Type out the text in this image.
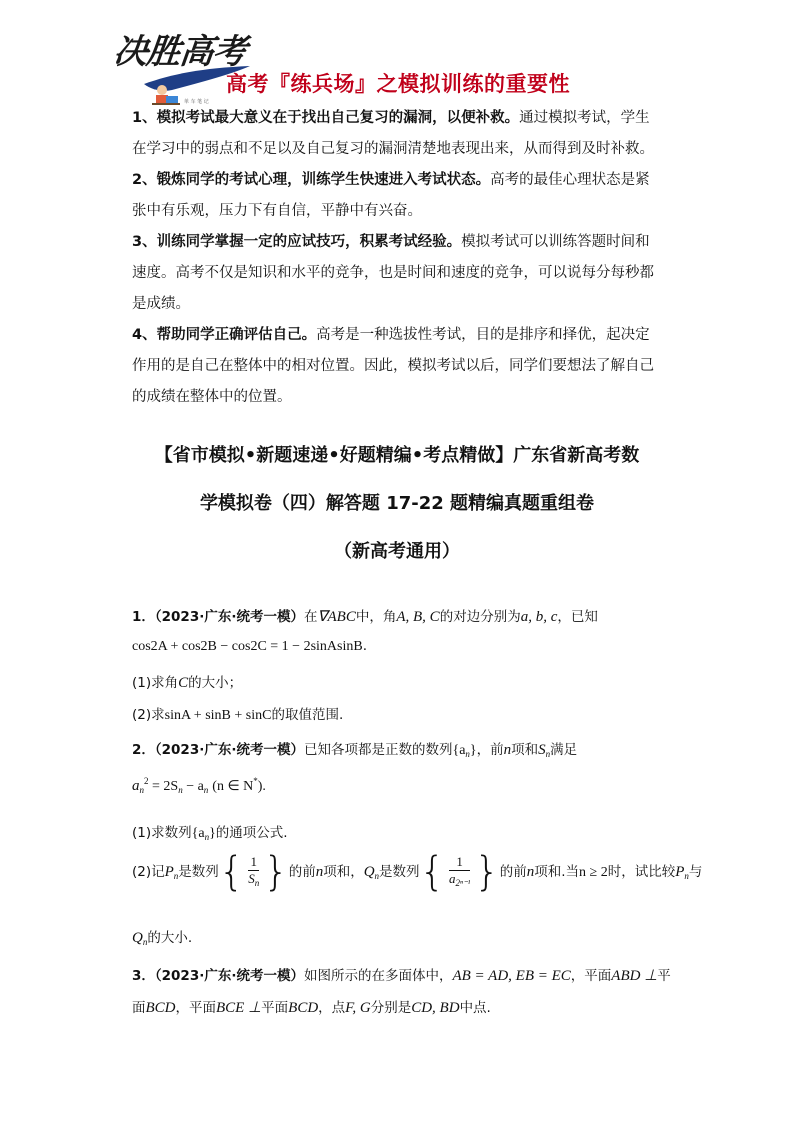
决胜高考
单 车 笔 记
高考『练兵场』之模拟训练的重要性

1、模拟考试最大意义在于找出自己复习的漏洞，以便补救。通过模拟考试，学生

在学习中的弱点和不足以及自己复习的漏洞清楚地表现出来，从而得到及时补救。

2、锻炼同学的考试心理，训练学生快速进入考试状态。高考的最佳心理状态是紧

张中有乐观，压力下有自信，平静中有兴奋。

3、训练同学掌握一定的应试技巧，积累考试经验。模拟考试可以训练答题时间和

速度。高考不仅是知识和水平的竞争，也是时间和速度的竞争，可以说每分每秒都

是成绩。

4、帮助同学正确评估自己。高考是一种选拔性考试，目的是排序和择优，起决定

作用的是自己在整体中的相对位置。因此，模拟考试以后，同学们要想法了解自己

的成绩在整体中的位置。

【省市模拟•新题速递•好题精编•考点精做】广东省新高考数
学模拟卷（四）解答题 17-22 题精编真题重组卷
（新高考通用）
1．（2023·广东·统考一模）在∇ABC中，角A, B, C的对边分别为a, b, c，已知
cos2A + cos2B − cos2C = 1 − 2sinAsinB.
(1)求角C的大小；
(2)求sinA + sinB + sinC的取值范围.
2．（2023·广东·统考一模）已知各项都是正数的数列$\{a_n\}$，前n项和$S_n$满足
$a_n^2 = 2S_n - a_n$ (n ∈ N*).
(1)求数列$\{a_n\}$的通项公式.
(2)记$P_n$是数列{ $\frac{1}{S_n}$ }的前n项和，$Q_n$是数列{ $\frac{1}{a_{2^{n-1}}}$ }的前n项和.当n ≥ 2时，试比较$P_n$与
$Q_n$的大小.
3．（2023·广东·统考一模）如图所示的在多面体中，AB = AD, EB = EC，平面ABD ⊥平
面BCD，平面BCE ⊥平面BCD，点F, G分别是CD, BD中点.
